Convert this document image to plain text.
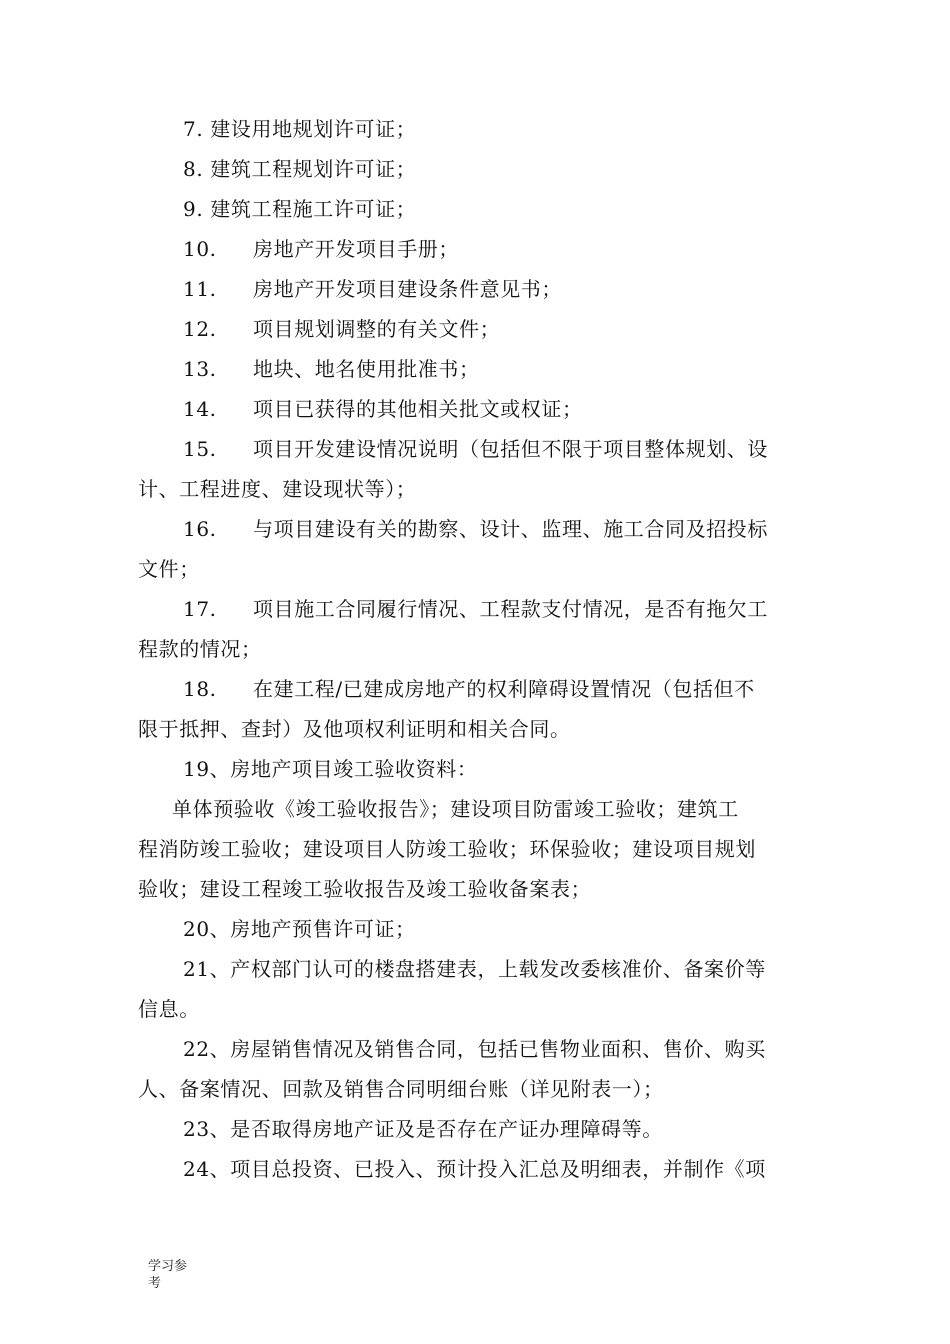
7. 建设用地规划许可证；
8. 建筑工程规划许可证；
9. 建筑工程施工许可证；
10. 房地产开发项目手册；
11. 房地产开发项目建设条件意见书；
12. 项目规划调整的有关文件；
13. 地块、地名使用批准书；
14. 项目已获得的其他相关批文或权证；
15. 项目开发建设情况说明（包括但不限于项目整体规划、设
计、工程进度、建设现状等）；
16. 与项目建设有关的勘察、设计、监理、施工合同及招投标
文件；
17. 项目施工合同履行情况、工程款支付情况，是否有拖欠工
程款的情况；
18. 在建工程/已建成房地产的权利障碍设置情况（包括但不
限于抵押、查封）及他项权利证明和相关合同。
19、房地产项目竣工验收资料：
单体预验收《竣工验收报告》；建设项目防雷竣工验收；建筑工
程消防竣工验收；建设项目人防竣工验收；环保验收；建设项目规划
验收；建设工程竣工验收报告及竣工验收备案表；
20、房地产预售许可证；
21、产权部门认可的楼盘搭建表，上载发改委核准价、备案价等
信息。
22、房屋销售情况及销售合同，包括已售物业面积、售价、购买
人、备案情况、回款及销售合同明细台账（详见附表一）；
23、是否取得房地产证及是否存在产证办理障碍等。
24、项目总投资、已投入、预计投入汇总及明细表，并制作《项
学习参
考
